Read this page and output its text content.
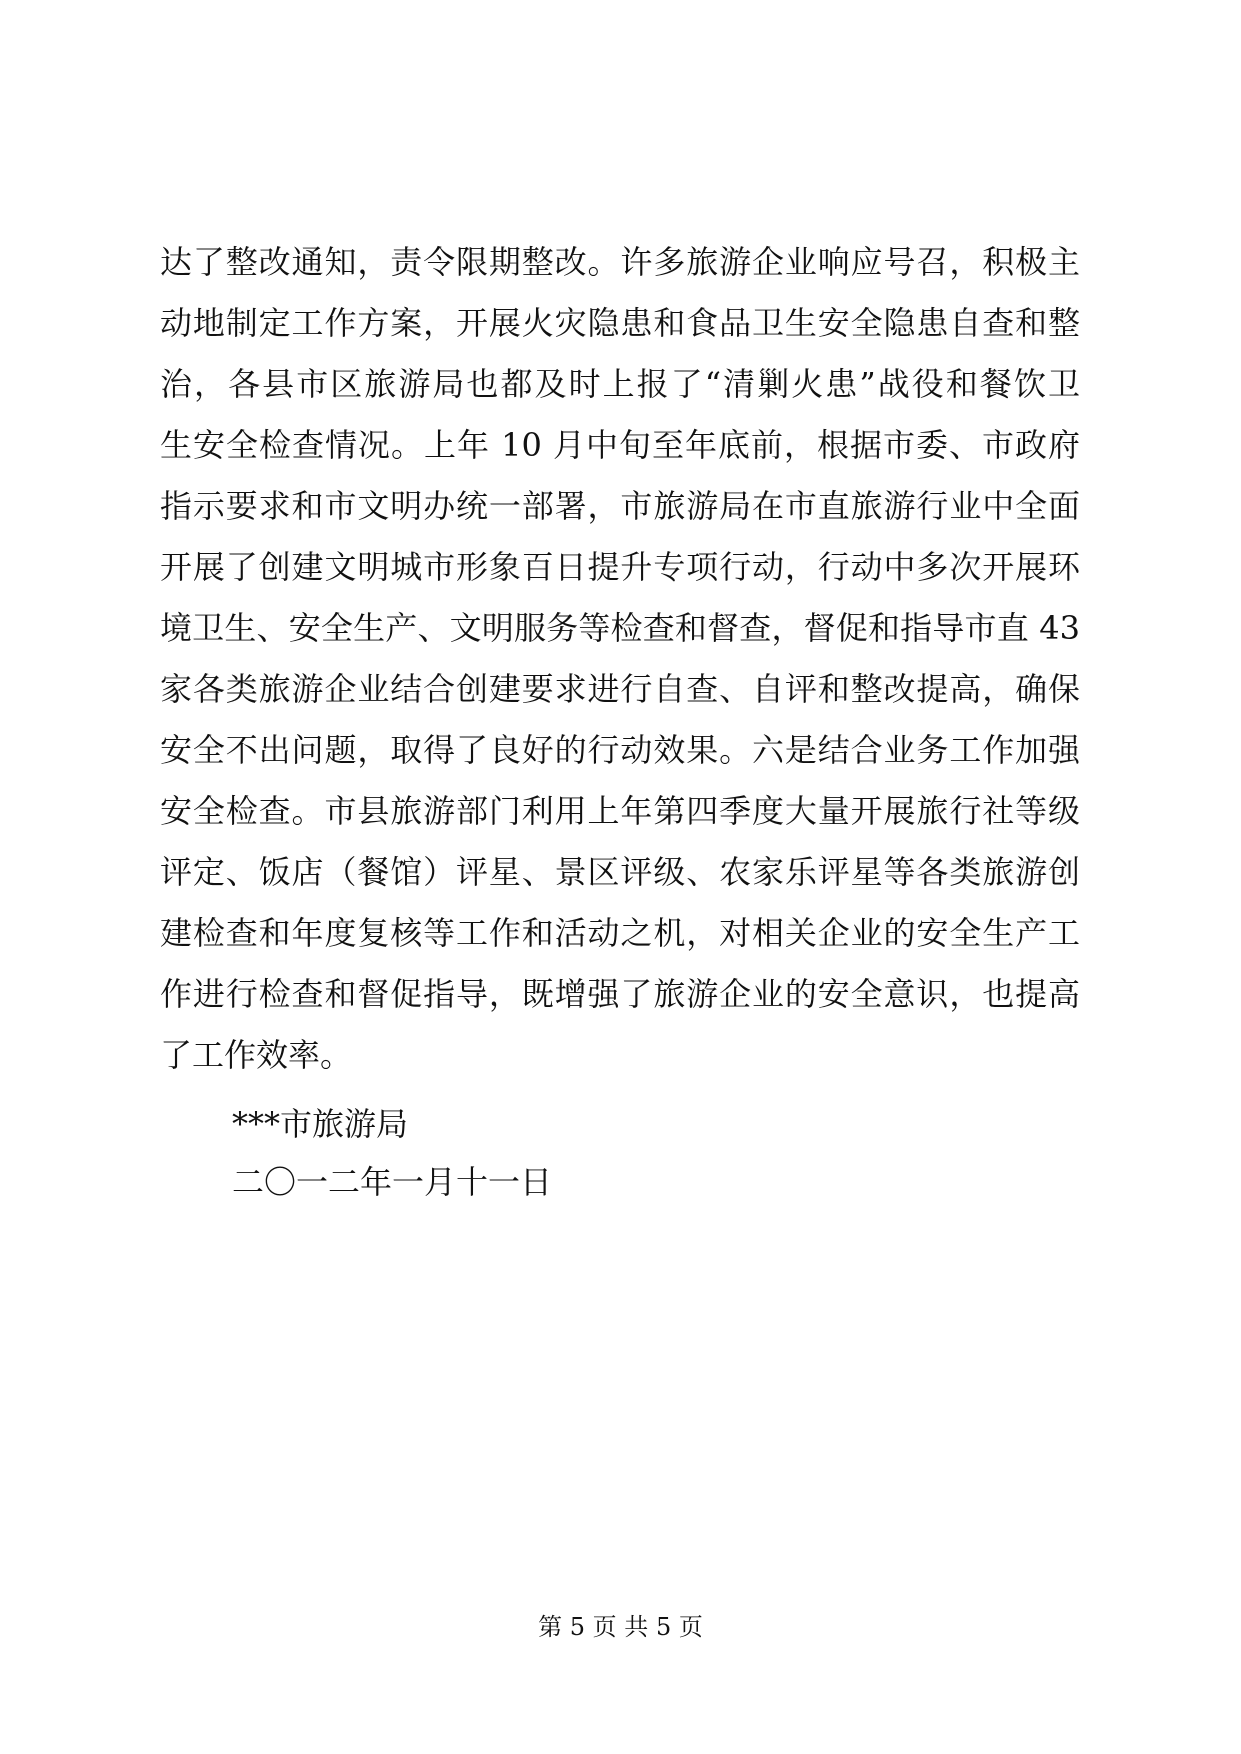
达了整改通知，责令限期整改。许多旅游企业响应号召，积极主
动地制定工作方案，开展火灾隐患和食品卫生安全隐患自查和整
治，各县市区旅游局也都及时上报了“清剿火患”战役和餐饮卫
生安全检查情况。上年 10 月中旬至年底前，根据市委、市政府
指示要求和市文明办统一部署，市旅游局在市直旅游行业中全面
开展了创建文明城市形象百日提升专项行动，行动中多次开展环
境卫生、安全生产、文明服务等检查和督查，督促和指导市直 43
家各类旅游企业结合创建要求进行自查、自评和整改提高，确保
安全不出问题，取得了良好的行动效果。六是结合业务工作加强
安全检查。市县旅游部门利用上年第四季度大量开展旅行社等级
评定、饭店（餐馆）评星、景区评级、农家乐评星等各类旅游创
建检查和年度复核等工作和活动之机，对相关企业的安全生产工
作进行检查和督促指导，既增强了旅游企业的安全意识，也提高
了工作效率。
***市旅游局
二〇一二年一月十一日
第 5 页 共 5 页
